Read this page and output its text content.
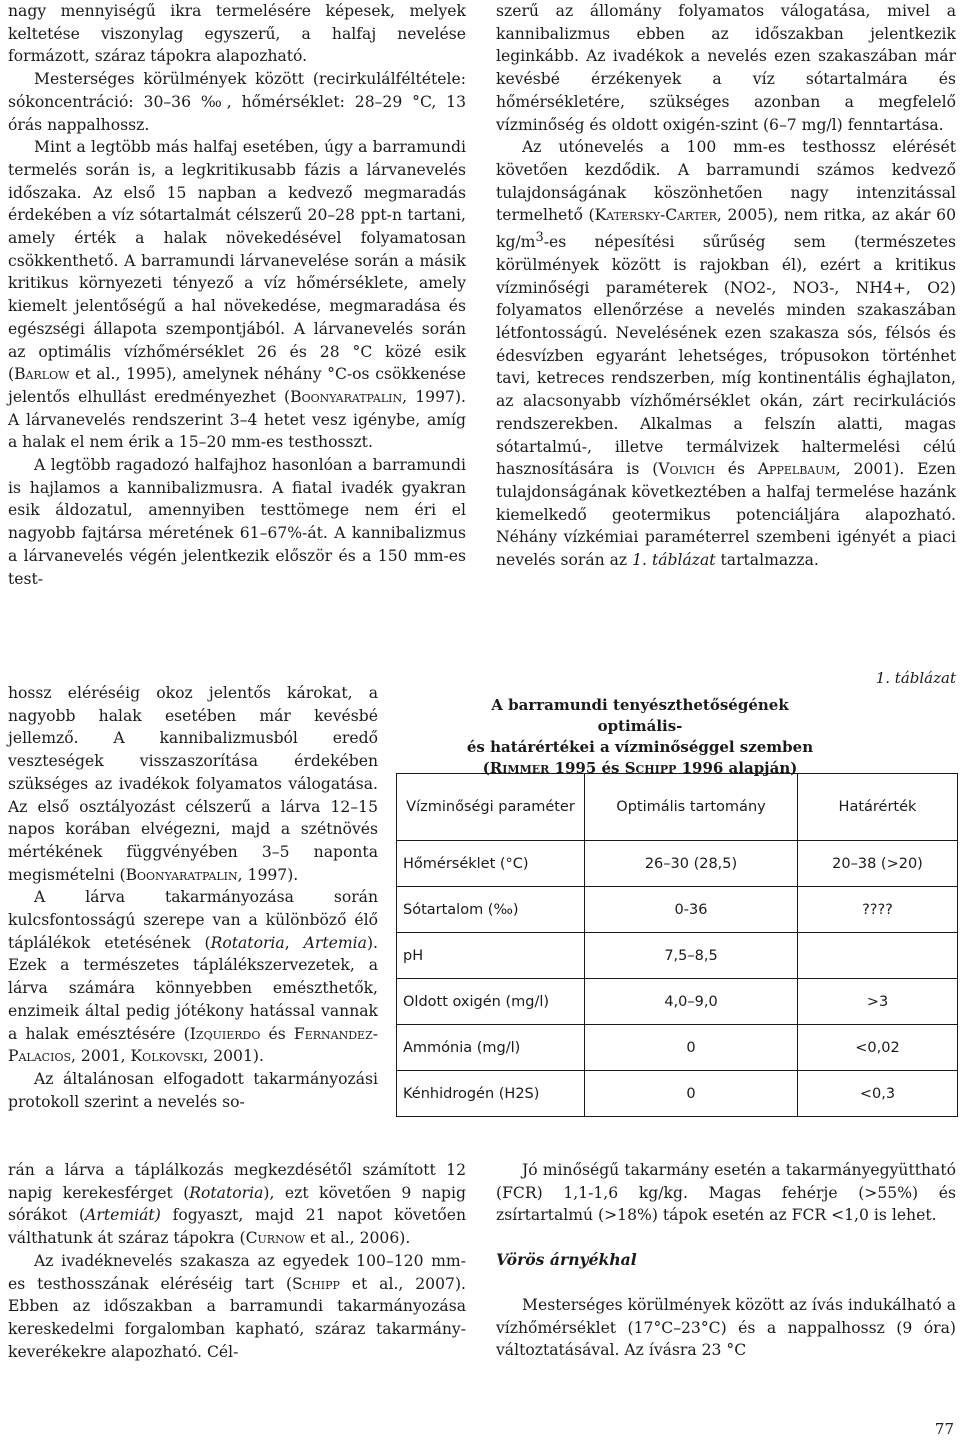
nagy mennyiségű ikra termelésére képesek, melyek keltetése viszonylag egyszerű, a halfaj nevelése formázott, száraz tápokra alapozható.

Mesterséges körülmények között (recirkulálféltétele: sókoncentráció: 30–36 ‰, hőmérséklet: 28–29 °C, 13 órás nappalhossz.

Mint a legtöbb más halfaj esetében, úgy a barramundi termelés során is, a legkritikusabb fázis a lárvanevelés időszaka. Az első 15 napban a kedvező megmaradás érdekében a víz sótartalmát célszerű 20–28 ppt-n tartani, amely érték a halak növekedésével folyamatosan csökkenthető. A barramundi lárvanevelése során a másik kritikus környezeti tényező a víz hőmérséklete, amely kiemelt jelentőségű a hal növekedése, megmaradása és egészségi állapota szempontjából. A lárvanevelés során az optimális vízhőmérséklet 26 és 28 °C közé esik (Barlow et al., 1995), amelynek néhány °C-os csökkenése jelentős elhullást eredményezhet (Boonyaratpalin, 1997). A lárvanevelés rendszerint 3–4 hetet vesz igénybe, amíg a halak el nem érik a 15–20 mm-es testhosszt.

A legtöbb ragadozó halfajhoz hasonlóan a barramundi is hajlamos a kannibalizmusra. A fiatal ivadék gyakran esik áldozatul, amennyiben testtömege nem éri el nagyobb fajtársa méretének 61–67%-át. A kannibalizmus a lárvanevelés végén jelentkezik először és a 150 mm-es test-

hossz eléréséig okoz jelentős károkat, a nagyobb halak esetében már kevésbé jellemző. A kannibalizmusból eredő veszteségek visszaszorítása érdekében szükséges az ivadékok folyamatos válogatása. Az első osztályozást célszerű a lárva 12–15 napos korában elvégezni, majd a szétnövés mértékének függvényében 3–5 naponta megismételni (Boonyaratpalin, 1997).

A lárva takarmányozása során kulcsfontosságú szerepe van a különböző élő táplálékok etetésének (Rotatoria, Artemia). Ezek a természetes táplálékszervezetek, a lárva számára könnyebben emészthetők, enzimeik által pedig jótékony hatással vannak a halak emésztésére (Izquierdo és Fernandez-Palacios, 2001, Kolkovski, 2001).

Az általánosan elfogadott takarmányozási protokoll szerint a nevelés so-

rán a lárva a táplálkozás megkezdésétől számított 12 napig kerekesférget (Rotatoria), ezt követően 9 napig sórákot (Artemiát) fogyaszt, majd 21 napot követően válthatunk át száraz tápokra (Curnow et al., 2006).

Az ivadéknevelés szakasza az egyedek 100–120 mm-es testhosszának eléréséig tart (Schipp et al., 2007). Ebben az időszakban a barramundi takarmányozása kereskedelmi forgalomban kapható, száraz takarmány-keverékekre alapozható. Cél-

szerű az állomány folyamatos válogatása, mivel a kannibalizmus ebben az időszakban jelentkezik leginkább. Az ivadékok a nevelés ezen szakaszában már kevésbé érzékenyek a víz sótartalmára és hőmérsékletére, szükséges azonban a megfelelő vízminőség és oldott oxigén-szint (6–7 mg/l) fenntartása.

Az utónevelés a 100 mm-es testhossz elérését követően kezdődik. A barramundi számos kedvező tulajdonságának köszönhetően nagy intenzitással termelhető (Katersky-Carter, 2005), nem ritka, az akár 60 $kg/m^3-es$ népesítési sűrűség sem (természetes körülmények között is rajokban él), ezért a kritikus vízminőségi paraméterek (NO2-, NO3-, NH4+, O2) folyamatos ellenőrzése a nevelés minden szakaszában létfontosságú. Nevelésének ezen szakasza sós, félsós és édesvízben egyaránt lehetséges, trópusokon történhet tavi, ketreces rendszerben, míg kontinentális éghajlaton, az alacsonyabb vízhőmérséklet okán, zárt recirkulációs rendszerekben. Alkalmas a felszín alatti, magas sótartalmú-, illetve termálvizek haltermelési célú hasznosítására is (Volvich és Appelbaum, 2001). Ezen tulajdonságának következtében a halfaj termelése hazánk kiemelkedő geotermikus potenciáljára alapozható. Néhány vízkémiai paraméterrel szembeni igényét a piaci nevelés során az 1. táblázat tartalmazza.

1. táblázat
A barramundi tenyészthetőségének optimális-
és határértékei a vízminőséggel szemben
(Rimmer 1995 és Schipp 1996 alapján)
Vízminőségi paraméter	Optimális tartomány	Határérték
Hőmérséklet (°C)	26–30 (28,5)	20–38 (>20)
Sótartalom (‰)	0-36	????
pH	7,5–8,5	
Oldott oxigén (mg/l)	4,0–9,0	>3
Ammónia (mg/l)	0	<0,02
Kénhidrogén (H2S)	0	<0,3

Jó minőségű takarmány esetén a takarmányegyüttható (FCR) 1,1-1,6 kg/kg. Magas fehérje (>55%) és zsírtartalmú (>18%) tápok esetén az FCR <1,0 is lehet.

Vörös árnyékhal

Mesterséges körülmények között az ívás indukálható a vízhőmérséklet (17°C–23°C) és a nappalhossz (9 óra) változtatásával. Az ívásra 23 °C

77
